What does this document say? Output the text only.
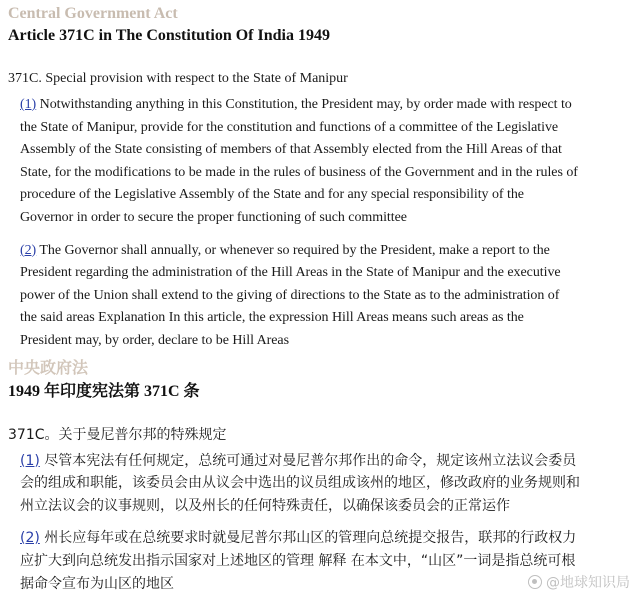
Central Government Act
Article 371C in The Constitution Of India 1949
371C. Special provision with respect to the State of Manipur
(1) Notwithstanding anything in this Constitution, the President may, by order made with respect to
the State of Manipur, provide for the constitution and functions of a committee of the Legislative
Assembly of the State consisting of members of that Assembly elected from the Hill Areas of that
State, for the modifications to be made in the rules of business of the Government and in the rules of
procedure of the Legislative Assembly of the State and for any special responsibility of the
Governor in order to secure the proper functioning of such committee
(2) The Governor shall annually, or whenever so required by the President, make a report to the
President regarding the administration of the Hill Areas in the State of Manipur and the executive
power of the Union shall extend to the giving of directions to the State as to the administration of
the said areas Explanation In this article, the expression Hill Areas means such areas as the
President may, by order, declare to be Hill Areas
中央政府法
1949 年印度宪法第 371C 条
371C。关于曼尼普尔邦的特殊规定
(1) 尽管本宪法有任何规定，总统可通过对曼尼普尔邦作出的命令，规定该州立法议会委员
会的组成和职能，该委员会由从议会中选出的议员组成该州的地区，修改政府的业务规则和
州立法议会的议事规则，以及州长的任何特殊责任，以确保该委员会的正常运作
(2) 州长应每年或在总统要求时就曼尼普尔邦山区的管理向总统提交报告，联邦的行政权力
应扩大到向总统发出指示国家对上述地区的管理 解释 在本文中，“山区”一词是指总统可根
据命令宣布为山区的地区	@地球知识局
